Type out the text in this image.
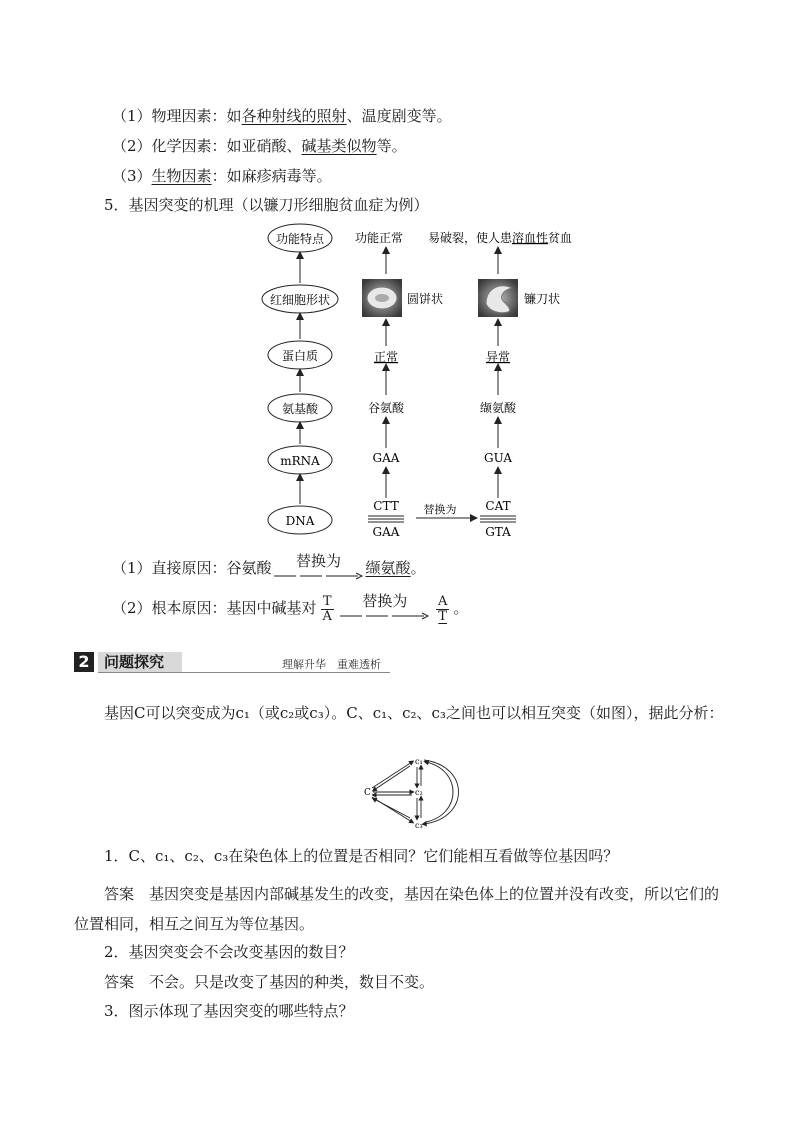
（1）物理因素：如各种射线的照射、温度剧变等。
（2）化学因素：如亚硝酸、碱基类似物等。
（3）生物因素：如麻疹病毒等。
5．基因突变的机理（以镰刀形细胞贫血症为例）
功能特点
红细胞形状
蛋白质
氨基酸
mRNA
DNA
功能正常
圆饼状
正常
谷氨酸
GAA
CTT
GAA
替换为
易破裂，使人患溶血性贫血
镰刀状
异常
缬氨酸
GUA
CAT
GTA
（1）直接原因：谷氨酸	替换为	缬氨酸。
（2）根本原因：基因中碱基对 $\frac{T}{A}$	替换为	$\frac{A}{T}$ 。
2 问题探究	理解升华　重难透析
基因C可以突变成为c₁（或c₂或c₃）。C、c₁、c₂、c₃之间也可以相互突变（如图），据此分析：
C
c₁
c₂
c₃
1．C、c₁、c₂、c₃在染色体上的位置是否相同？它们能相互看做等位基因吗？
答案　 基因突变是基因内部碱基发生的改变，基因在染色体上的位置并没有改变，所以它们的位置相同，相互之间互为等位基因。
2．基因突变会不会改变基因的数目？
答案　 不会。只是改变了基因的种类，数目不变。
3．图示体现了基因突变的哪些特点？
